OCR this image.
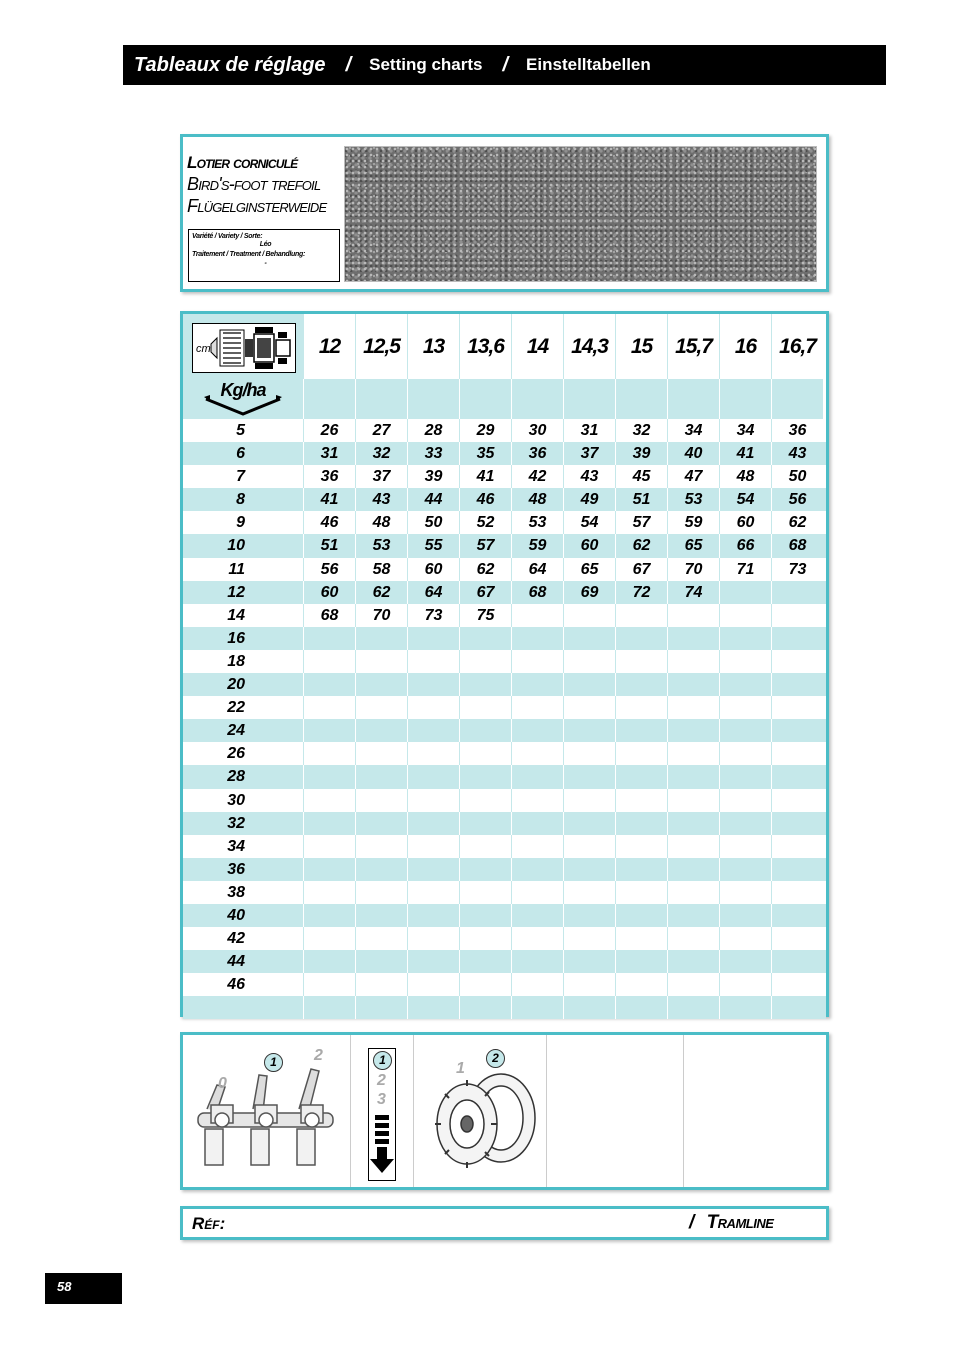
Tableaux de réglage / Setting charts / Einstelltabellen
Lotier corniculé
Bird's-foot trefoil
Flügelginsterweide
Variété / Variety / Sorte:
Léo
Traitement / Treatment / Behandlung:
-
cm
Kg/ha
12	12,5	13	13,6	14	14,3	15	15,7	16	16,7
5	26	27	28	29	30	31	32	34	34	36
6	31	32	33	35	36	37	39	40	41	43
7	36	37	39	41	42	43	45	47	48	50
8	41	43	44	46	48	49	51	53	54	56
9	46	48	50	52	53	54	57	59	60	62
10	51	53	55	57	59	60	62	65	66	68
11	56	58	60	62	64	65	67	70	71	73
12	60	62	64	67	68	69	72	74
14	68	70	73	75
16
18
20
22
24
26
28
30
32
34
36
38
40
42
44
46
0
1	2	1
2
3
1
2
Réf:	/ Tramline
58
